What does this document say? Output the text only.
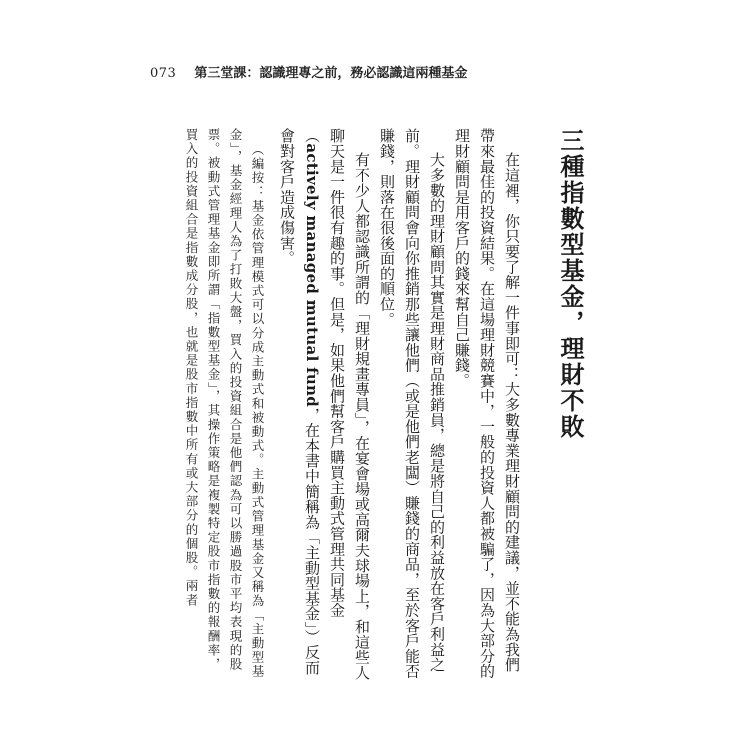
073 第三堂課：認識理專之前，務必認識這兩種基金

三種指數型基金，理財不敗

在這裡，你只要了解一件事即可：大多數專業理財顧問的建議，並不能為我們帶來最佳的投資結果。在這場理財競賽中，一般的投資人都被騙了，因為大部分的理財顧問是用客戶的錢來幫自己賺錢。

大多數的理財顧問其實是理財商品推銷員，總是將自己的利益放在客戶利益之前。理財顧問會向你推銷那些讓他們（或是他們老闆）賺錢的商品，至於客戶能否賺錢，則落在很後面的順位。

有不少人都認識所謂的「理財規畫專員」，在宴會場或高爾夫球場上，和這些人聊天是一件很有趣的事。但是，如果他們幫客戶購買主動式管理共同基金（actively managed mutual fund，在本書中簡稱為「主動型基金」）反而會對客戶造成傷害。

（編按：基金依管理模式可以分成主動式和被動式。主動式管理基金又稱為「主動型基金」，基金經理人為了打敗大盤，買入的投資組合是他們認為可以勝過股市平均表現的股票。被動式管理基金即所謂「指數型基金」，其操作策略是複製特定股市指數的報酬率，買入的投資組合是指數成分股，也就是股市指數中所有或大部分的個股。兩者
